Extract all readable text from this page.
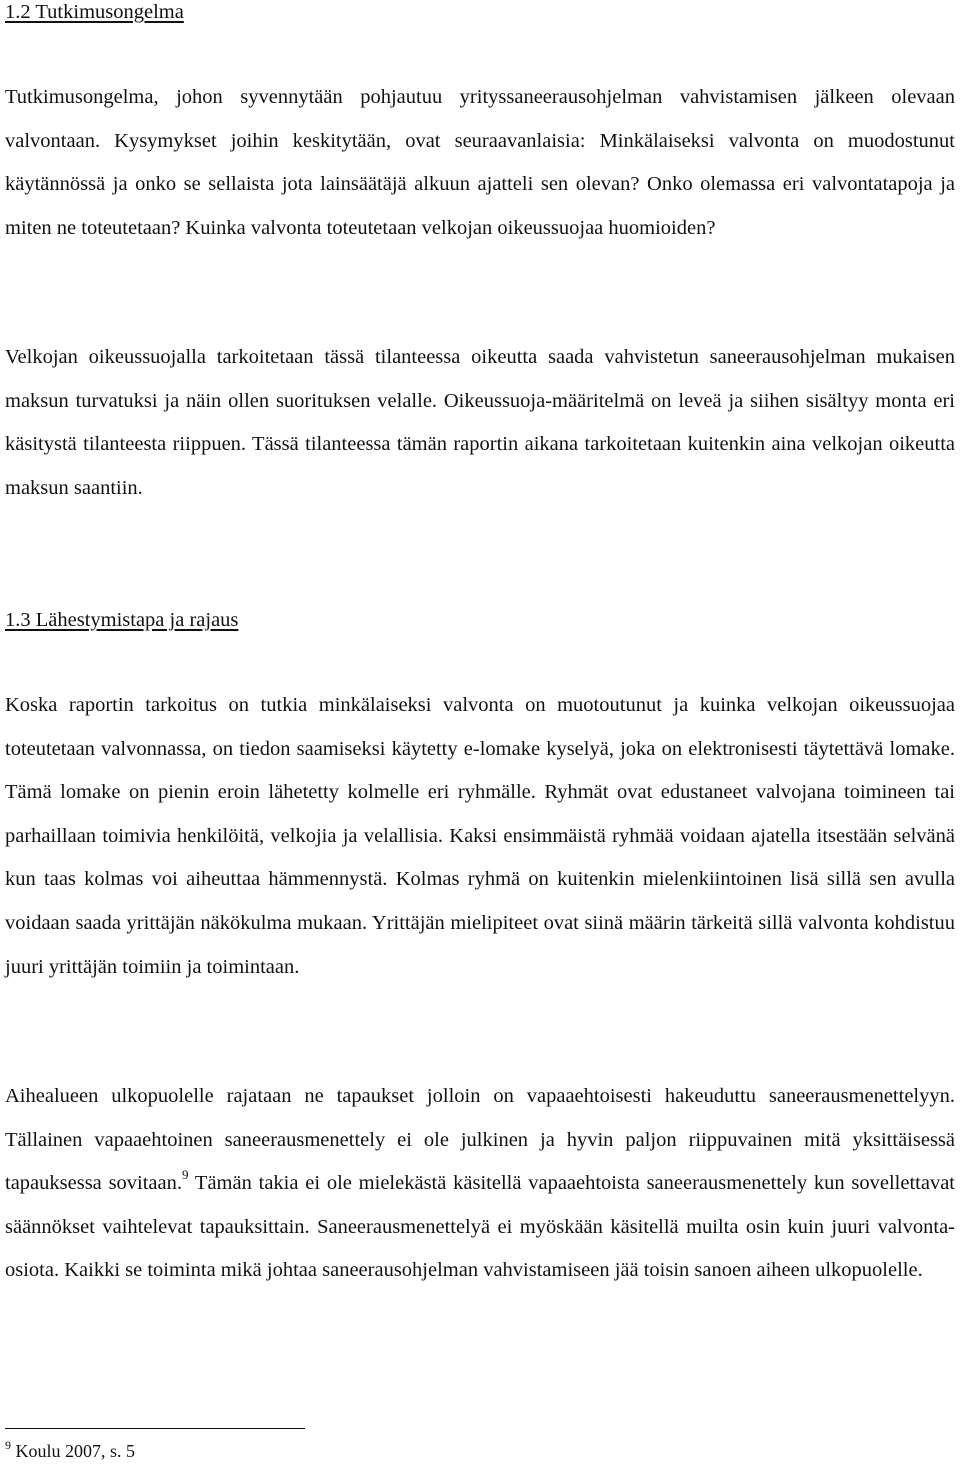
1.2 Tutkimusongelma

Tutkimusongelma, johon syvennytään pohjautuu yrityssaneerausohjelman vahvistamisen jälkeen olevaan valvontaan. Kysymykset joihin keskitytään, ovat seuraavanlaisia: Minkälaiseksi valvonta on muodostunut käytännössä ja onko se sellaista jota lainsäätäjä alkuun ajatteli sen olevan? Onko olemassa eri valvontatapoja ja miten ne toteutetaan? Kuinka valvonta toteutetaan velkojan oikeussuojaa huomioiden?

Velkojan oikeussuojalla tarkoitetaan tässä tilanteessa oikeutta saada vahvistetun saneerausohjelman mukaisen maksun turvatuksi ja näin ollen suorituksen velalle. Oikeussuoja-määritelmä on leveä ja siihen sisältyy monta eri käsitystä tilanteesta riippuen. Tässä tilanteessa tämän raportin aikana tarkoitetaan kuitenkin aina velkojan oikeutta maksun saantiin.

1.3 Lähestymistapa ja rajaus

Koska raportin tarkoitus on tutkia minkälaiseksi valvonta on muotoutunut ja kuinka velkojan oikeussuojaa toteutetaan valvonnassa, on tiedon saamiseksi käytetty e-lomake kyselyä, joka on elektronisesti täytettävä lomake. Tämä lomake on pienin eroin lähetetty kolmelle eri ryhmälle. Ryhmät ovat edustaneet valvojana toimineen tai parhaillaan toimivia henkilöitä, velkojia ja velallisia. Kaksi ensimmäistä ryhmää voidaan ajatella itsestään selvänä kun taas kolmas voi aiheuttaa hämmennystä. Kolmas ryhmä on kuitenkin mielenkiintoinen lisä sillä sen avulla voidaan saada yrittäjän näkökulma mukaan. Yrittäjän mielipiteet ovat siinä määrin tärkeitä sillä valvonta kohdistuu juuri yrittäjän toimiin ja toimintaan.

Aihealueen ulkopuolelle rajataan ne tapaukset jolloin on vapaaehtoisesti hakeuduttu saneerausmenettelyyn. Tällainen vapaaehtoinen saneerausmenettely ei ole julkinen ja hyvin paljon riippuvainen mitä yksittäisessä tapauksessa sovitaan.$^9$ Tämän takia ei ole mielekästä käsitellä vapaaehtoista saneerausmenettely kun sovellettavat säännökset vaihtelevat tapauksittain. Saneerausmenettelyä ei myöskään käsitellä muilta osin kuin juuri valvonta-osiota. Kaikki se toiminta mikä johtaa saneerausohjelman vahvistamiseen jää toisin sanoen aiheen ulkopuolelle.

$^9$ Koulu 2007, s. 5
